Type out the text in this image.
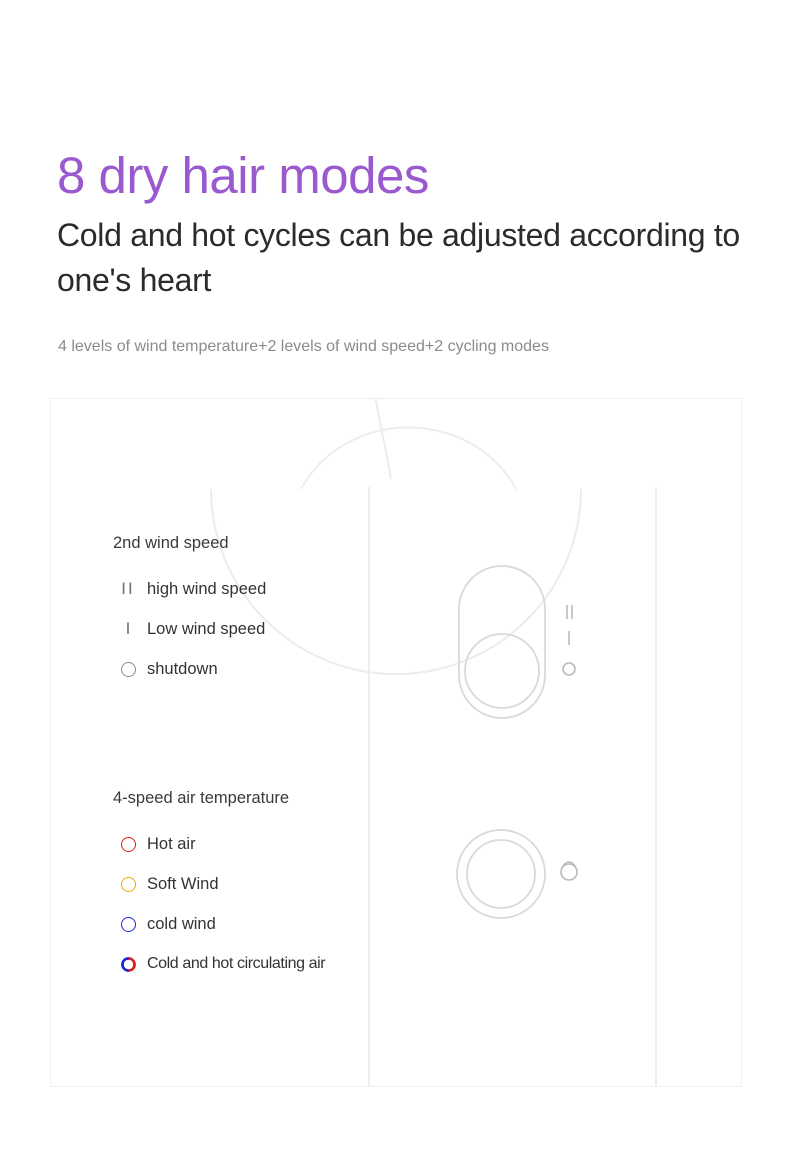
8 dry hair modes
Cold and hot cycles can be adjusted according to one's heart

4 levels of wind temperature+2 levels of wind speed+2 cycling modes

2nd wind speed
II high wind speed
I Low wind speed
shutdown
4-speed air temperature
Hot air
Soft Wind
cold wind
Cold and hot circulating air
